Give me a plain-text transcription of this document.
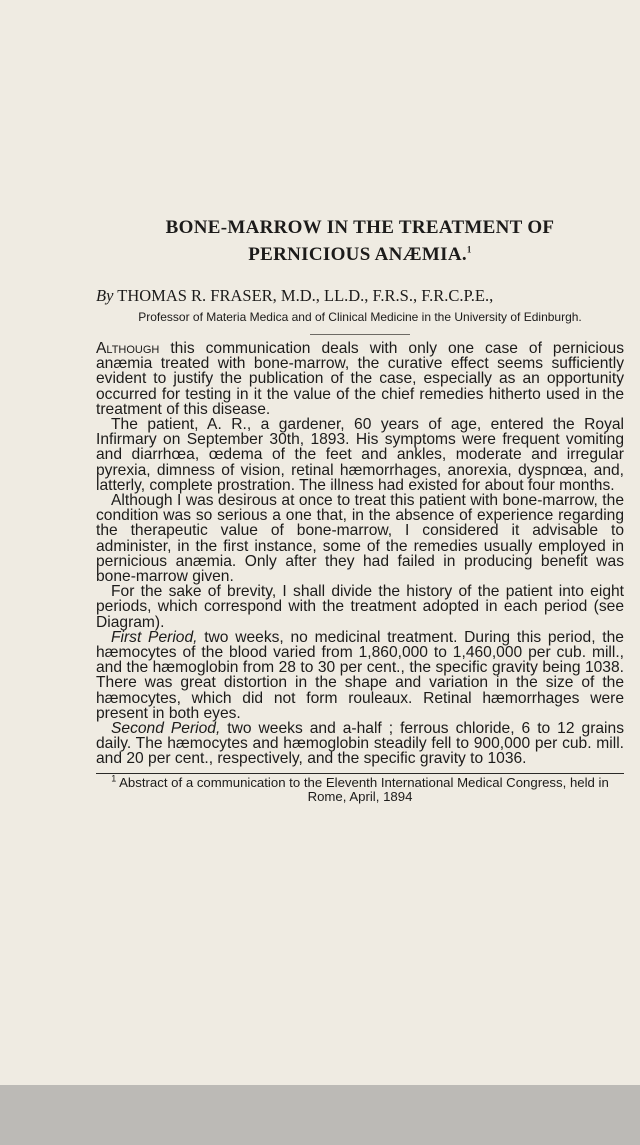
BONE-MARROW IN THE TREATMENT OF
PERNICIOUS ANÆMIA.$^1$

By THOMAS R. FRASER, M.D., LL.D., F.R.S., F.R.C.P.E.,

Professor of Materia Medica and of Clinical Medicine in the University of Edinburgh.

Although this communication deals with only one case of pernicious anæmia treated with bone-marrow, the curative effect seems sufficiently evident to justify the publication of the case, especially as an opportunity occurred for testing in it the value of the chief remedies hitherto used in the treatment of this disease.

The patient, A. R., a gardener, 60 years of age, entered the Royal Infirmary on September 30th, 1893. His symptoms were frequent vomiting and diarrhœa, œdema of the feet and ankles, moderate and irregular pyrexia, dimness of vision, retinal hæmorrhages, anorexia, dyspnœa, and, latterly, complete prostration. The illness had existed for about four months.

Although I was desirous at once to treat this patient with bone-marrow, the condition was so serious a one that, in the absence of experience regarding the therapeutic value of bone-marrow, I considered it advisable to administer, in the first instance, some of the remedies usually employed in pernicious anæmia. Only after they had failed in producing benefit was bone-marrow given.

For the sake of brevity, I shall divide the history of the patient into eight periods, which correspond with the treatment adopted in each period (see Diagram).

First Period, two weeks, no medicinal treatment. During this period, the hæmocytes of the blood varied from 1,860,000 to 1,460,000 per cub. mill., and the hæmoglobin from 28 to 30 per cent., the specific gravity being 1038. There was great distortion in the shape and variation in the size of the hæmocytes, which did not form rouleaux. Retinal hæmorrhages were present in both eyes.

Second Period, two weeks and a-half ; ferrous chloride, 6 to 12 grains daily. The hæmocytes and hæmoglobin steadily fell to 900,000 per cub. mill. and 20 per cent., respectively, and the specific gravity to 1036.

$^1$ Abstract of a communication to the Eleventh International Medical Congress, held in Rome, April, 1894
